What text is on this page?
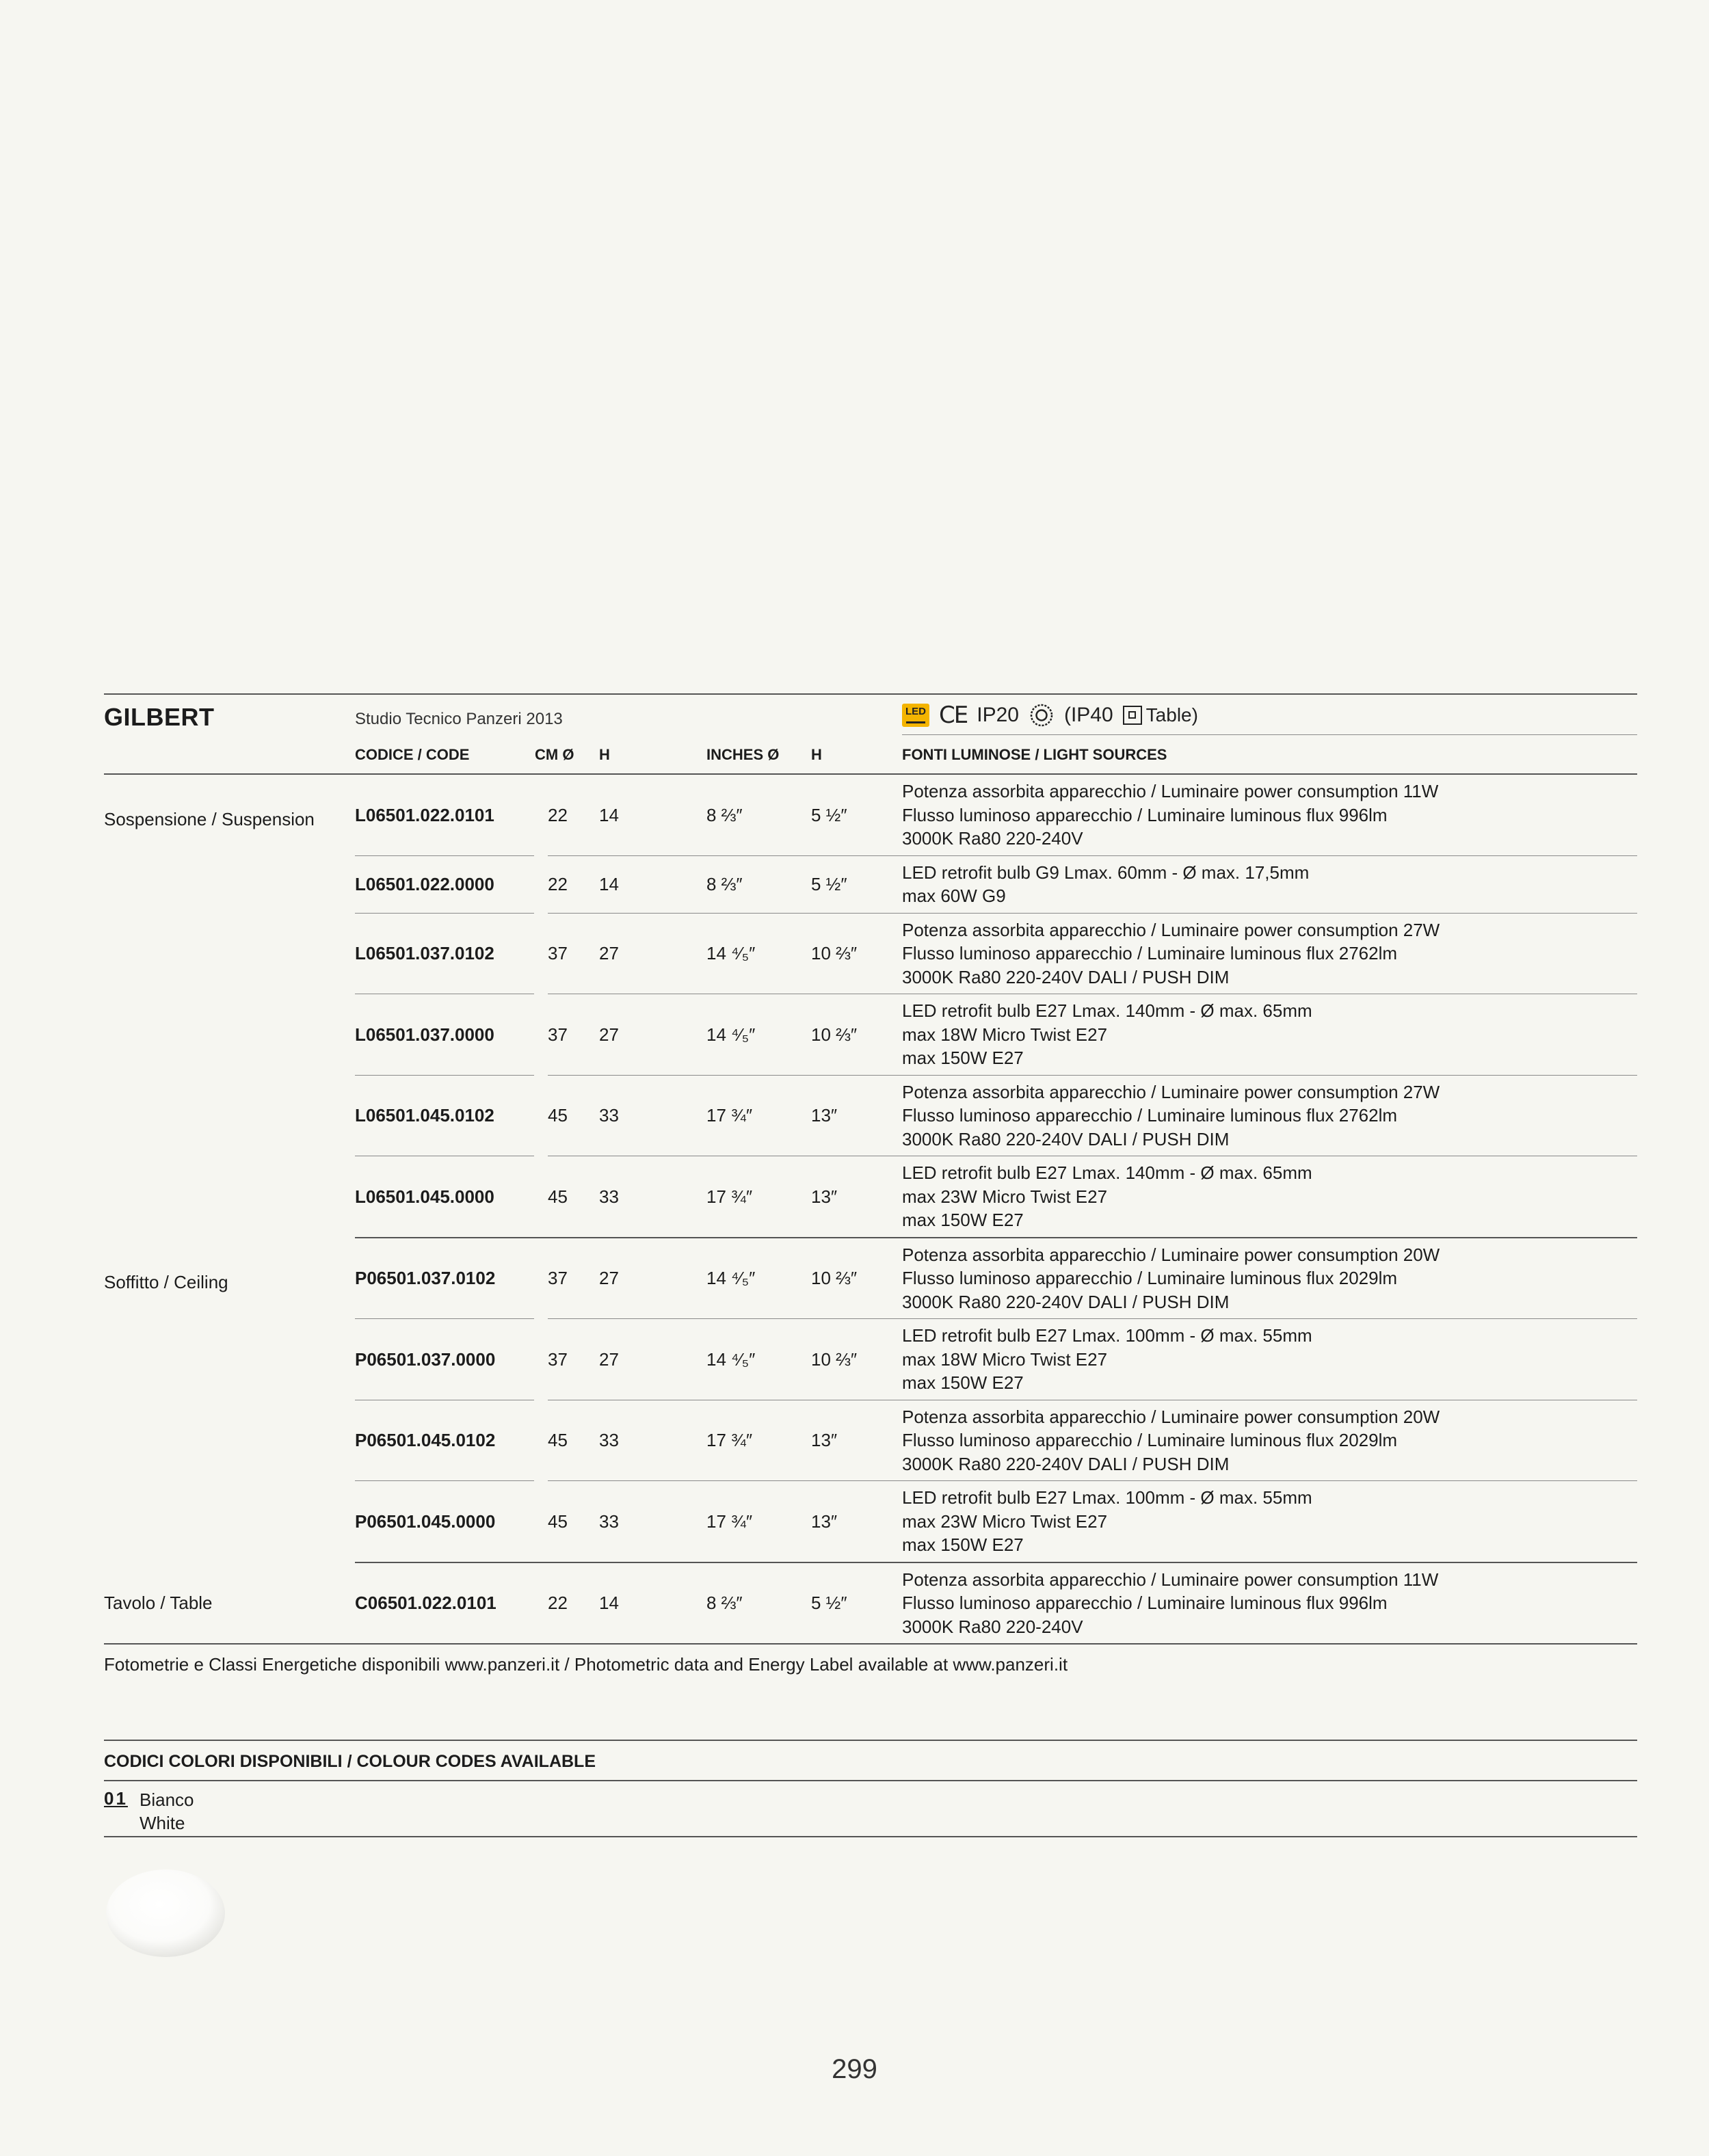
GILBERT	Studio Tecnico Panzeri 2013	LED CE IP20 (IP40 Table)
CODICE / CODE	CM Ø H	INCHES Ø H	FONTI LUMINOSE / LIGHT SOURCES
Sospensione / Suspension	L06501.022.0101		22	14	8 ⅔″	5 ½″	Potenza assorbita apparecchio / Luminaire power consumption 11W
Flusso luminoso apparecchio / Luminaire luminous flux 996lm
3000K Ra80 220-240V

	L06501.022.0000		22	14	8 ⅔″	5 ½″	LED retrofit bulb G9 Lmax. 60mm - Ø max. 17,5mm
max 60W G9

	L06501.037.0102		37	27	14 ⁴⁄₅″	10 ⅔″	Potenza assorbita apparecchio / Luminaire power consumption 27W
Flusso luminoso apparecchio / Luminaire luminous flux 2762lm
3000K Ra80 220-240V DALI / PUSH DIM

	L06501.037.0000		37	27	14 ⁴⁄₅″	10 ⅔″	LED retrofit bulb E27 Lmax. 140mm - Ø max. 65mm
max 18W Micro Twist E27
max 150W E27

	L06501.045.0102		45	33	17 ¾″	13″	Potenza assorbita apparecchio / Luminaire power consumption 27W
Flusso luminoso apparecchio / Luminaire luminous flux 2762lm
3000K Ra80 220-240V DALI / PUSH DIM

	L06501.045.0000		45	33	17 ¾″	13″	LED retrofit bulb E27 Lmax. 140mm - Ø max. 65mm
max 23W Micro Twist E27
max 150W E27

Soffitto / Ceiling	P06501.037.0102		37	27	14 ⁴⁄₅″	10 ⅔″	Potenza assorbita apparecchio / Luminaire power consumption 20W
Flusso luminoso apparecchio / Luminaire luminous flux 2029lm
3000K Ra80 220-240V DALI / PUSH DIM

	P06501.037.0000		37	27	14 ⁴⁄₅″	10 ⅔″	LED retrofit bulb E27 Lmax. 100mm - Ø max. 55mm
max 18W Micro Twist E27
max 150W E27

	P06501.045.0102		45	33	17 ¾″	13″	Potenza assorbita apparecchio / Luminaire power consumption 20W
Flusso luminoso apparecchio / Luminaire luminous flux 2029lm
3000K Ra80 220-240V DALI / PUSH DIM

	P06501.045.0000		45	33	17 ¾″	13″	LED retrofit bulb E27 Lmax. 100mm - Ø max. 55mm
max 23W Micro Twist E27
max 150W E27

Tavolo / Table	C06501.022.0101		22	14	8 ⅔″	5 ½″	Potenza assorbita apparecchio / Luminaire power consumption 11W
Flusso luminoso apparecchio / Luminaire luminous flux 996lm
3000K Ra80 220-240V
Fotometrie e Classi Energetiche disponibili www.panzeri.it / Photometric data and Energy Label available at www.panzeri.it
CODICI COLORI DISPONIBILI / COLOUR CODES AVAILABLE
01 Bianco
White
299
